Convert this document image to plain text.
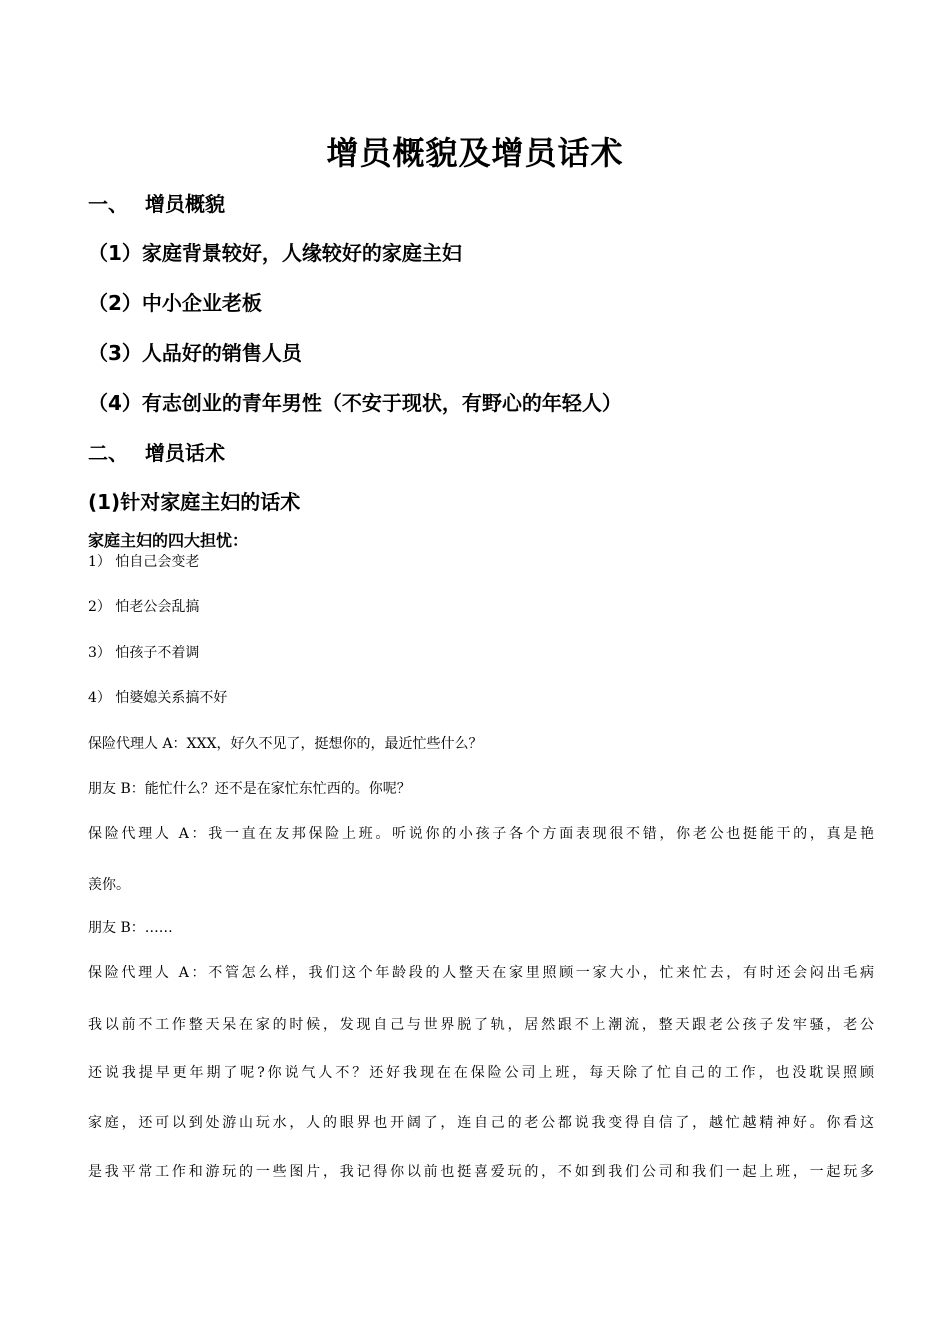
增员概貌及增员话术
一、 增员概貌
（1）家庭背景较好，人缘较好的家庭主妇
（2）中小企业老板
（3）人品好的销售人员
（4）有志创业的青年男性（不安于现状，有野心的年轻人）
二、 增员话术
(1)针对家庭主妇的话术
家庭主妇的四大担忧：
1） 怕自己会变老
2） 怕老公会乱搞
3） 怕孩子不着调
4） 怕婆媳关系搞不好
保险代理人 A：XXX，好久不见了，挺想你的，最近忙些什么？
朋友 B：能忙什么？还不是在家忙东忙西的。你呢？
保险代理人 A：我一直在友邦保险上班。听说你的小孩子各个方面表现很不错，你老公也挺能干的，真是艳
羡你。
朋友 B：……
保险代理人 A：不管怎么样，我们这个年龄段的人整天在家里照顾一家大小，忙来忙去，有时还会闷出毛病
我以前不工作整天呆在家的时候，发现自己与世界脱了轨，居然跟不上潮流，整天跟老公孩子发牢骚，老公
还说我提早更年期了呢?你说气人不？还好我现在在保险公司上班，每天除了忙自己的工作，也没耽误照顾
家庭，还可以到处游山玩水，人的眼界也开阔了，连自己的老公都说我变得自信了，越忙越精神好。你看这
是我平常工作和游玩的一些图片，我记得你以前也挺喜爱玩的，不如到我们公司和我们一起上班，一起玩多
